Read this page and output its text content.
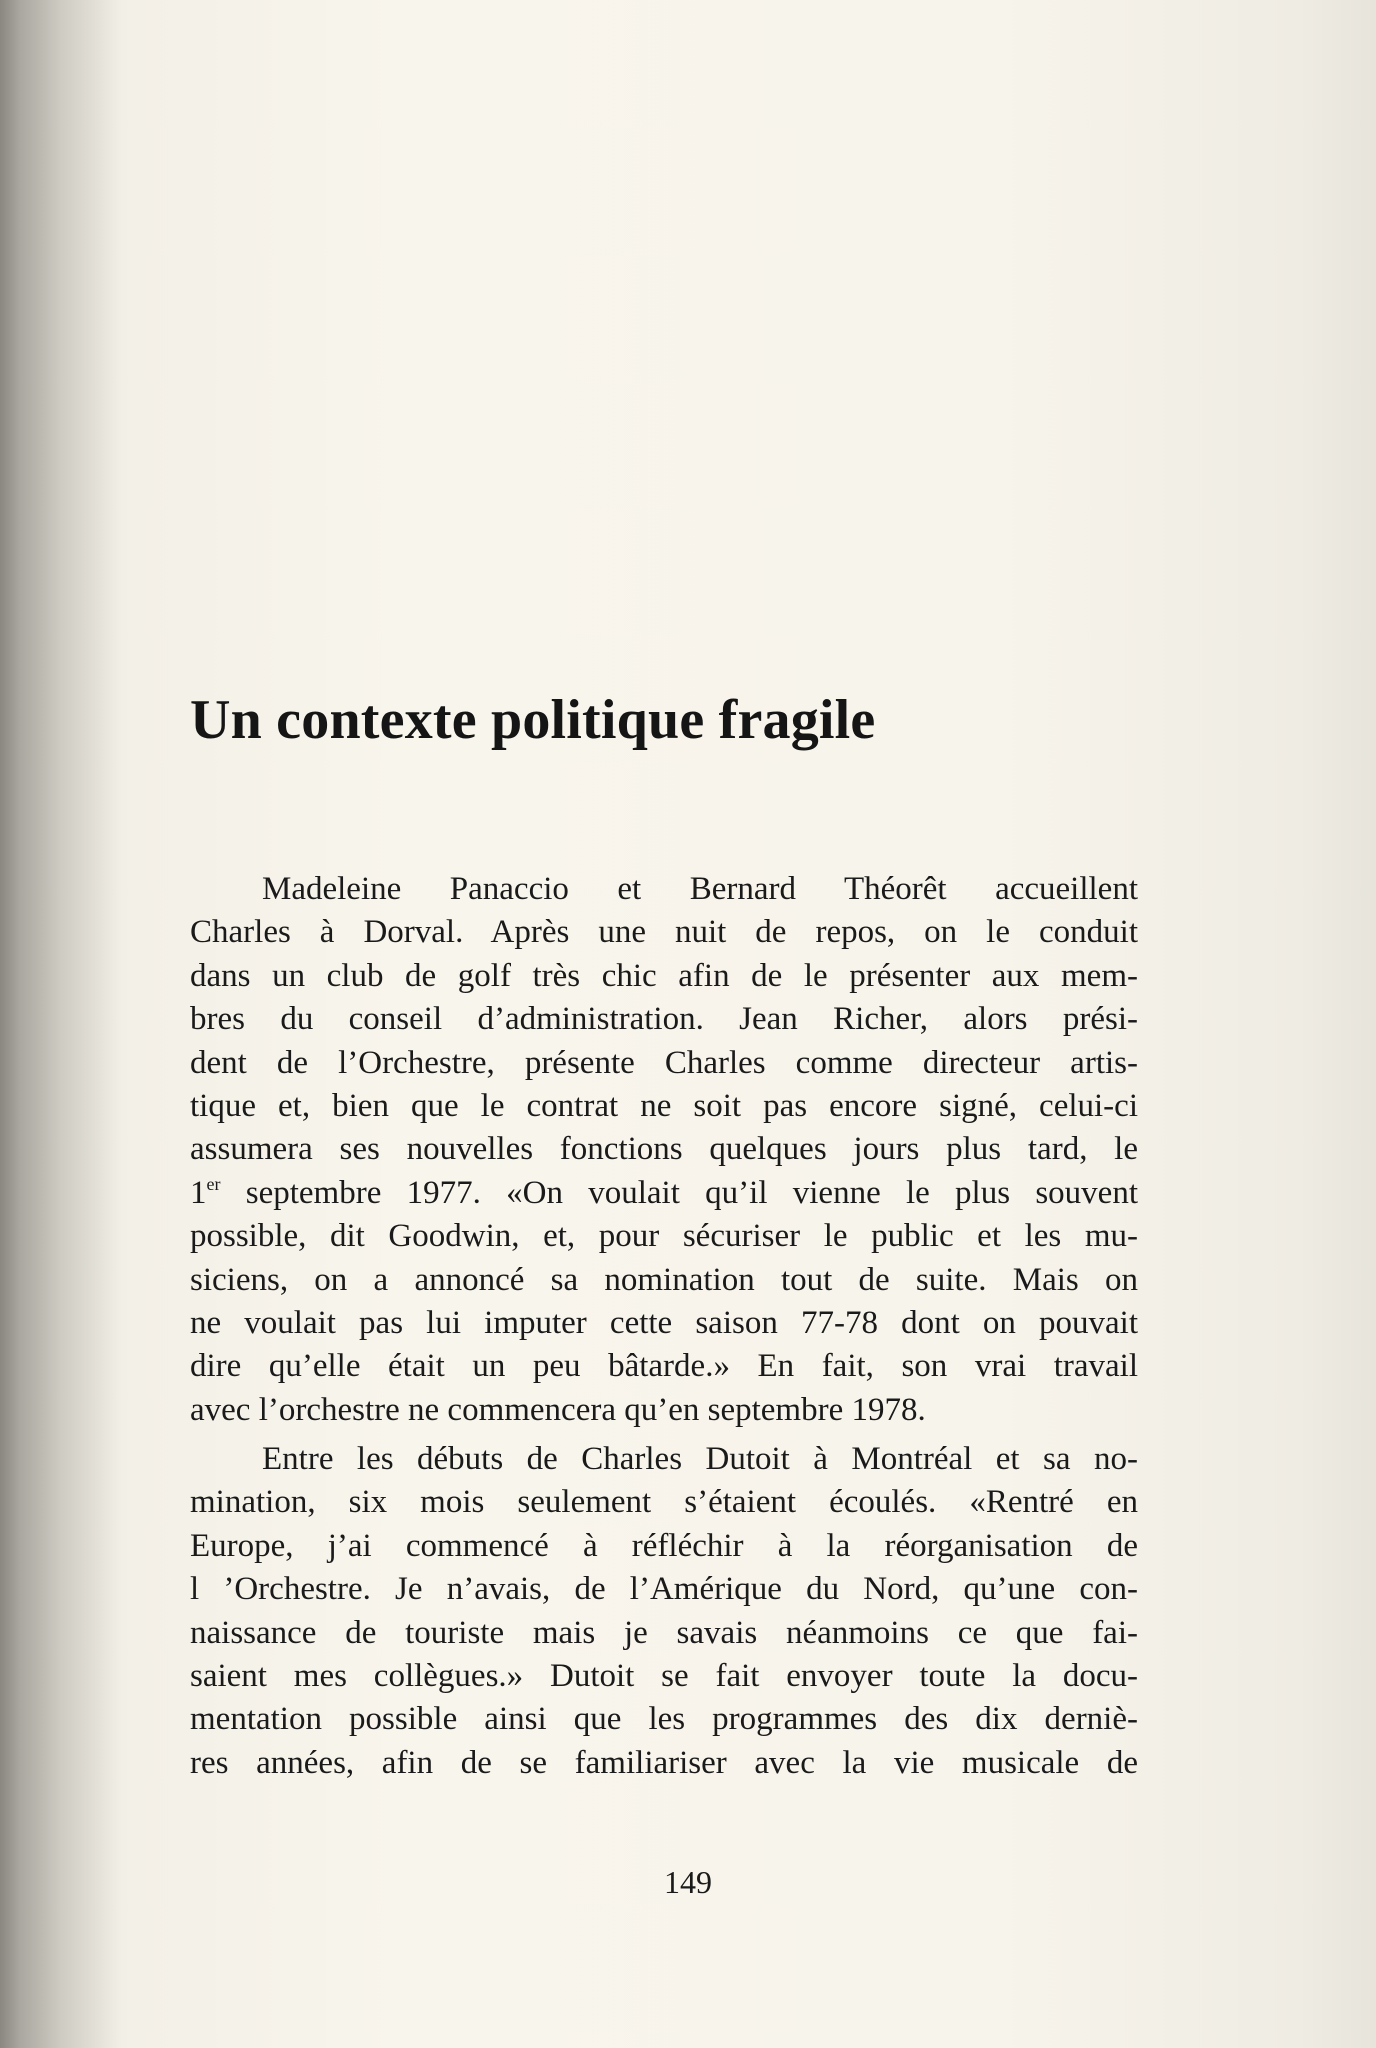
Un contexte politique fragile
Madeleine Panaccio et Bernard Théorêt accueillent
Charles à Dorval. Après une nuit de repos, on le conduit
dans un club de golf très chic afin de le présenter aux mem-
bres du conseil d’administration. Jean Richer, alors prési-
dent de l’Orchestre, présente Charles comme directeur artis-
tique et, bien que le contrat ne soit pas encore signé, celui-ci
assumera ses nouvelles fonctions quelques jours plus tard, le
1er septembre 1977. «On voulait qu’il vienne le plus souvent
possible, dit Goodwin, et, pour sécuriser le public et les mu-
siciens, on a annoncé sa nomination tout de suite. Mais on
ne voulait pas lui imputer cette saison 77-78 dont on pouvait
dire qu’elle était un peu bâtarde.» En fait, son vrai travail
avec l’orchestre ne commencera qu’en septembre 1978.
Entre les débuts de Charles Dutoit à Montréal et sa no-
mination, six mois seulement s’étaient écoulés. «Rentré en
Europe, j’ai commencé à réfléchir à la réorganisation de
l ’Orchestre. Je n’avais, de l’Amérique du Nord, qu’une con-
naissance de touriste mais je savais néanmoins ce que fai-
saient mes collègues.» Dutoit se fait envoyer toute la docu-
mentation possible ainsi que les programmes des dix derniè-
res années, afin de se familiariser avec la vie musicale de
149
